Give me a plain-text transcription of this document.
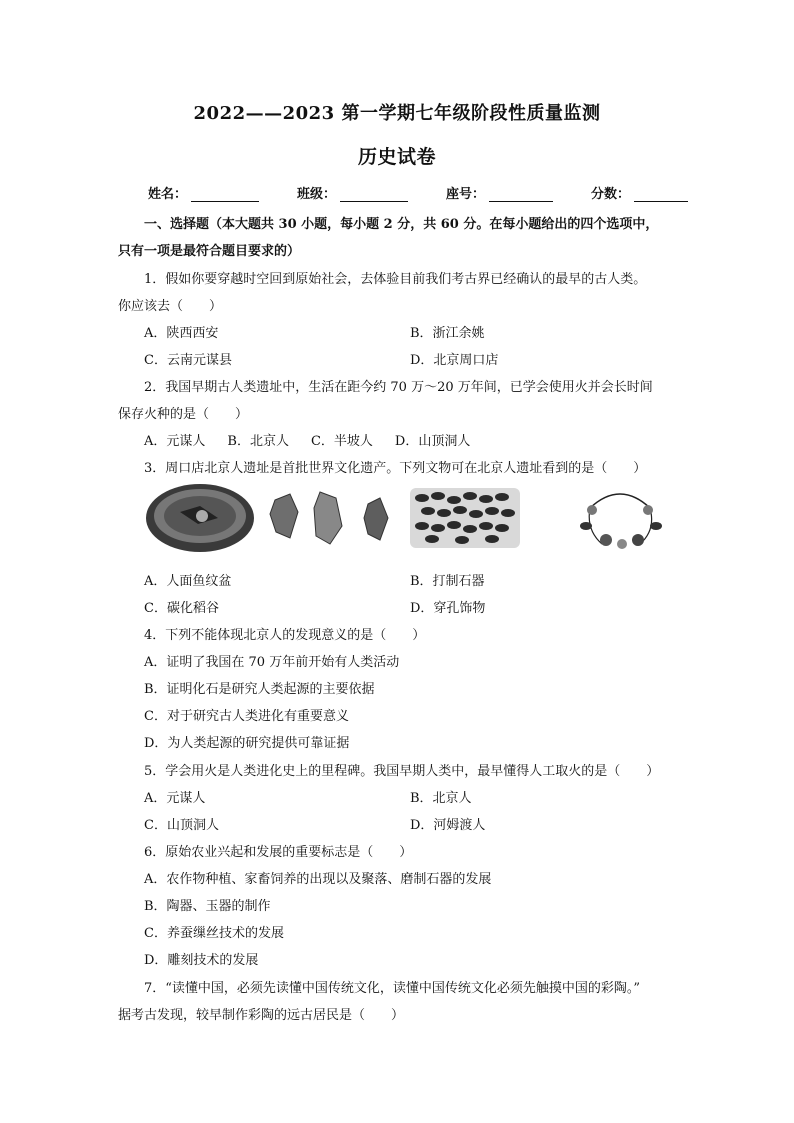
2022——2023 第一学期七年级阶段性质量监测
历史试卷
姓名：	班级：	座号：	分数：
一、选择题（本大题共 30 小题，每小题 2 分，共 60 分。在每小题给出的四个选项中，
只有一项是最符合题目要求的）
1．假如你要穿越时空回到原始社会，去体验目前我们考古界已经确认的最早的古人类。
你应该去（　　）
A．陕西西安	B．浙江余姚
C．云南元谋县	D．北京周口店
2．我国早期古人类遗址中，生活在距今约 70 万～20 万年间，已学会使用火并会长时间
保存火种的是（　　）
A．元谋人 B．北京人 C．半坡人 D．山顶洞人
3．周口店北京人遗址是首批世界文化遗产。下列文物可在北京人遗址看到的是（　　）
A．人面鱼纹盆	B．打制石器
C．碳化稻谷	D．穿孔饰物
4．下列不能体现北京人的发现意义的是（　　）
A．证明了我国在 70 万年前开始有人类活动
B．证明化石是研究人类起源的主要依据
C．对于研究古人类进化有重要意义
D．为人类起源的研究提供可靠证据
5．学会用火是人类进化史上的里程碑。我国早期人类中，最早懂得人工取火的是（　　）
A．元谋人	B．北京人
C．山顶洞人	D．河姆渡人
6．原始农业兴起和发展的重要标志是（　　）
A．农作物种植、家畜饲养的出现以及聚落、磨制石器的发展
B．陶器、玉器的制作
C．养蚕缫丝技术的发展
D．雕刻技术的发展
7．“读懂中国，必须先读懂中国传统文化，读懂中国传统文化必须先触摸中国的彩陶。”
据考古发现，较早制作彩陶的远古居民是（　　）
